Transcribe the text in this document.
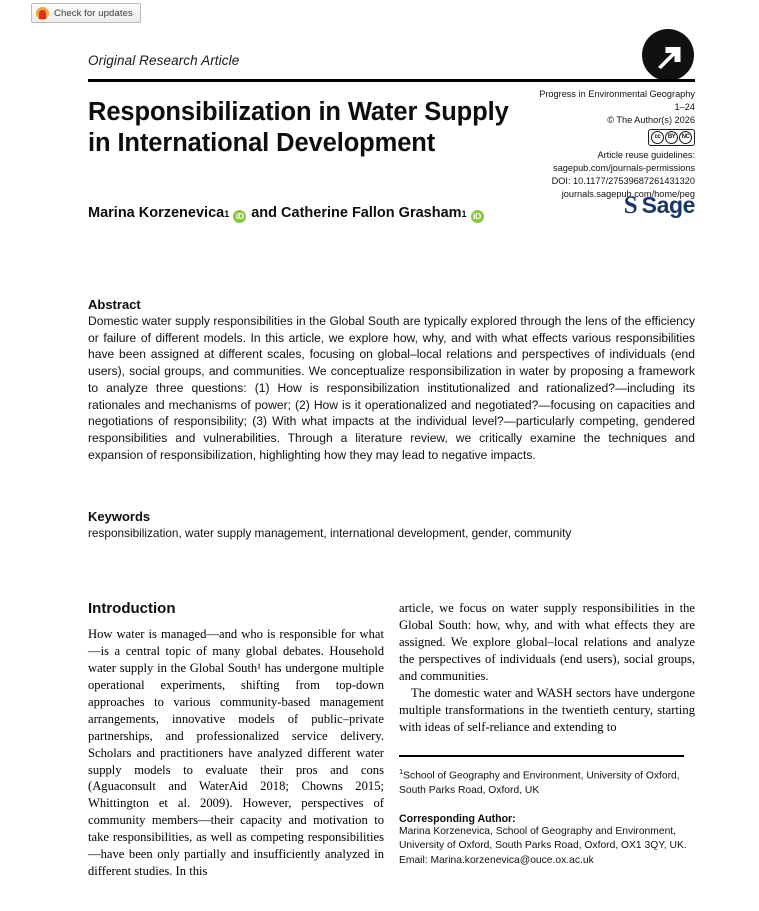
Check for updates
Original Research Article
Responsibilization in Water Supply
in International Development
Marina Korzenevica 1 iD and
Catherine Fallon Grasham 1 iD
Progress in Environmental Geography
1–24
© The Author(s) 2026
cc	BY	NC
Article reuse guidelines:
sagepub.com/journals-permissions
DOI: 10.1177/27539687261431320
journals.sagepub.com/home/peg
S Sage
Abstract

Domestic water supply responsibilities in the Global South are typically explored through the lens of the efficiency or failure of different models. In this article, we explore how, why, and with what effects various responsibilities have been assigned at different scales, focusing on global–local relations and perspectives of individuals (end users), social groups, and communities. We conceptualize responsibilization in water by proposing a framework to analyze three questions: (1) How is responsibilization institutionalized and rationalized?—including its rationales and mechanisms of power; (2) How is it operationalized and negotiated?—focusing on capacities and negotiations of responsibility; (3) With what impacts at the individual level?—particularly competing, gendered responsibilities and vulnerabilities. Through a literature review, we critically examine the techniques and expansion of responsibilization, highlighting how they may lead to negative impacts.

Keywords

responsibilization, water supply management, international development, gender, community

Introduction

How water is managed—and who is responsible for what—is a central topic of many global debates. Household water supply in the Global South¹ has undergone multiple operational experiments, shifting from top-down approaches to various community-based management arrangements, innovative models of public–private partnerships, and professionalized service delivery. Scholars and practitioners have analyzed different water supply models to evaluate their pros and cons (Aguaconsult and WaterAid 2018; Chowns 2015; Whittington et al. 2009). However, perspectives of community members—their capacity and motivation to take responsibilities, as well as competing responsibilities—have been only partially and insufficiently analyzed in different studies. In this

article, we focus on water supply responsibilities in the Global South: how, why, and with what effects they are assigned. We explore global–local relations and analyze the perspectives of individuals (end users), social groups, and communities.

The domestic water and WASH sectors have undergone multiple transformations in the twentieth century, starting with ideas of self-reliance and extending to

$^1$School of Geography and Environment, University of Oxford, South Parks Road, Oxford, UK

Corresponding Author:

Marina Korzenevica, School of Geography and Environment, University of Oxford, South Parks Road, Oxford, OX1 3QY, UK.

Email: Marina.korzenevica@ouce.ox.ac.uk
